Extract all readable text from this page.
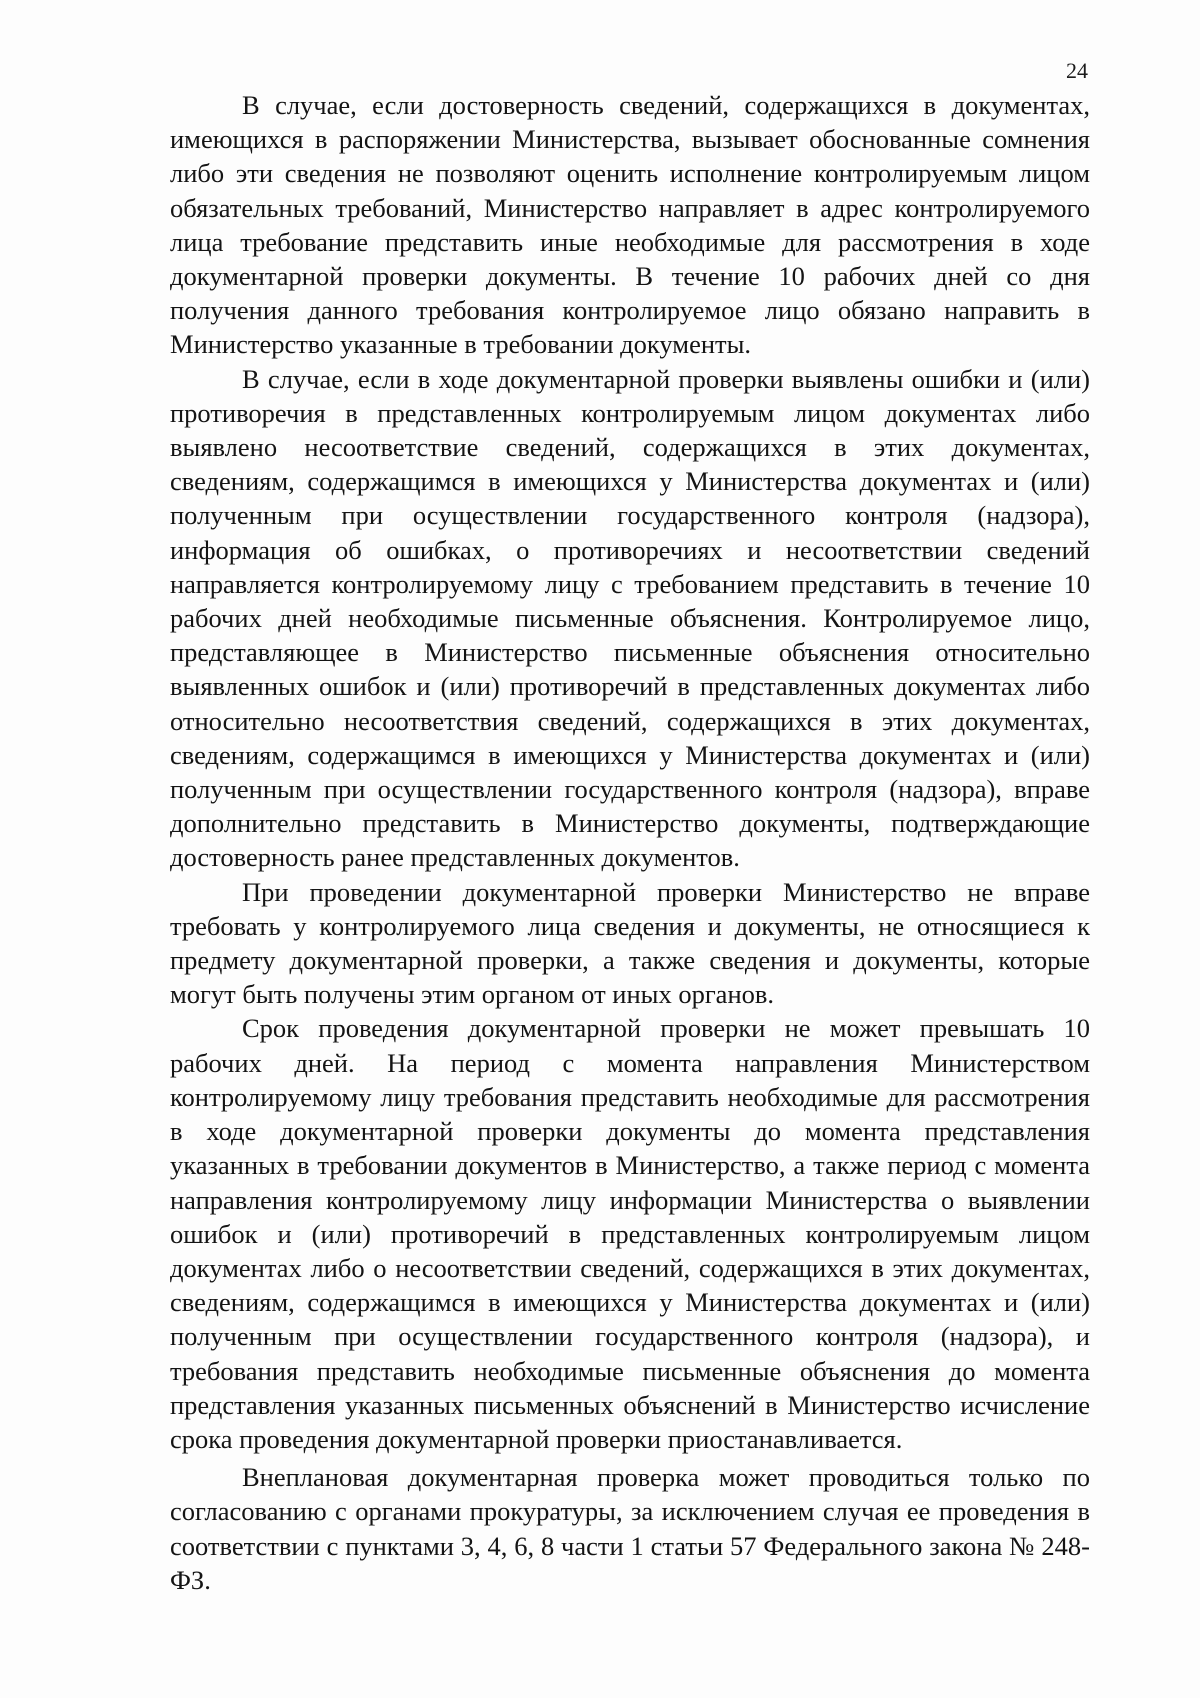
24

В случае, если достоверность сведений, содержащихся в документах, имеющихся в распоряжении Министерства, вызывает обоснованные сомнения либо эти сведения не позволяют оценить исполнение контролируемым лицом обязательных требований, Министерство направляет в адрес контролируемого лица требование представить иные необходимые для рассмотрения в ходе документарной проверки документы. В течение 10 рабочих дней со дня получения данного требования контролируемое лицо обязано направить в Министерство указанные в требовании документы.

В случае, если в ходе документарной проверки выявлены ошибки и (или) противоречия в представленных контролируемым лицом документах либо выявлено несоответствие сведений, содержащихся в этих документах, сведениям, содержащимся в имеющихся у Министерства документах и (или) полученным при осуществлении государственного контроля (надзора), информация об ошибках, о противоречиях и несоответствии сведений направляется контролируемому лицу с требованием представить в течение 10 рабочих дней необходимые письменные объяснения. Контролируемое лицо, представляющее в Министерство письменные объяснения относительно выявленных ошибок и (или) противоречий в представленных документах либо относительно несоответствия сведений, содержащихся в этих документах, сведениям, содержащимся в имеющихся у Министерства документах и (или) полученным при осуществлении государственного контроля (надзора), вправе дополнительно представить в Министерство документы, подтверждающие достоверность ранее представленных документов.

При проведении документарной проверки Министерство не вправе требовать у контролируемого лица сведения и документы, не относящиеся к предмету документарной проверки, а также сведения и документы, которые могут быть получены этим органом от иных органов.

Срок проведения документарной проверки не может превышать 10 рабочих дней. На период с момента направления Министерством контролируемому лицу требования представить необходимые для рассмотрения в ходе документарной проверки документы до момента представления указанных в требовании документов в Министерство, а также период с момента направления контролируемому лицу информации Министерства о выявлении ошибок и (или) противоречий в представленных контролируемым лицом документах либо о несоответствии сведений, содержащихся в этих документах, сведениям, содержащимся в имеющихся у Министерства документах и (или) полученным при осуществлении государственного контроля (надзора), и требования представить необходимые письменные объяснения до момента представления указанных письменных объяснений в Министерство исчисление срока проведения документарной проверки приостанавливается.

Внеплановая документарная проверка может проводиться только по согласованию с органами прокуратуры, за исключением случая ее проведения в соответствии с пунктами 3, 4, 6, 8 части 1 статьи 57 Федерального закона № 248-ФЗ.
